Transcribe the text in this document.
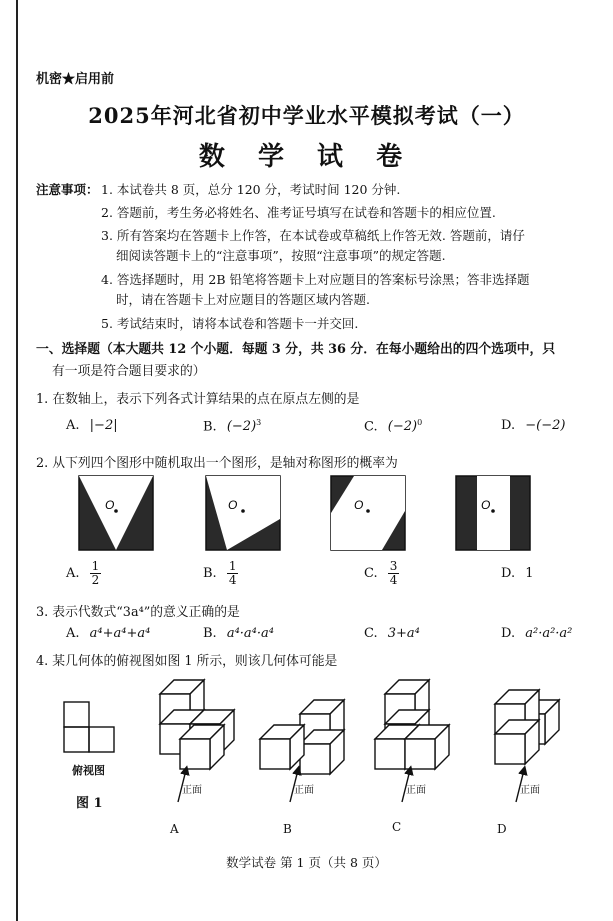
机密★启用前
2025年河北省初中学业水平模拟考试（一）
数 学 试 卷
注意事项： 1. 本试卷共 8 页，总分 120 分，考试时间 120 分钟.
2. 答题前，考生务必将姓名、准考证号填写在试卷和答题卡的相应位置.
3. 所有答案均在答题卡上作答，在本试卷或草稿纸上作答无效. 答题前，请仔
细阅读答题卡上的“注意事项”，按照“注意事项”的规定答题.
4. 答选择题时，用 2B 铅笔将答题卡上对应题目的答案标号涂黑；答非选择题
时，请在答题卡上对应题目的答题区域内答题.
5. 考试结束时，请将本试卷和答题卡一并交回.
一、选择题（本大题共 12 个小题．每题 3 分，共 36 分．在每小题给出的四个选项中，只
有一项是符合题目要求的）
1. 在数轴上，表示下列各式计算结果的点在原点左侧的是
A. |−2|	B. $(-2)^3$	C. $(-2)^0$	D. −(−2)
2. 从下列四个图形中随机取出一个图形，是轴对称图形的概率为
O	O	O	O
A. $\frac{1}{2}$	B. $\frac{1}{4}$	C. $\frac{3}{4}$	D. 1
3. 表示代数式“3a⁴”的意义正确的是
A. a⁴+a⁴+a⁴	B. a⁴·a⁴·a⁴	C. 3+a⁴	D. a²·a²·a²
4. 某几何体的俯视图如图 1 所示，则该几何体可能是
俯视图
图 1
正面	正面	正面	正面
A	B	C	D
数学试卷 第 1 页（共 8 页）
